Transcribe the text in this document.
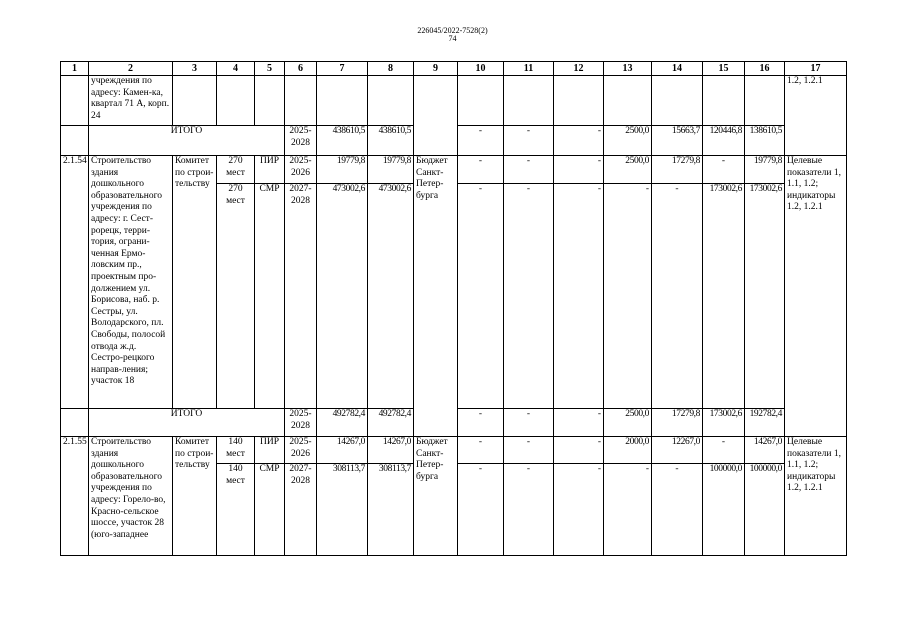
226045/2022-7528(2)
74
1	2	3	4	5	6	7	8	9	10	11	12	13	14	15	16	17
	учреждения по адресу: Камен-ка, квартал 71 А, корп. 24															1.2, 1.2.1
	ИТОГО				2025-2028	438610,5	438610,5		-	-	-	2500,0	15663,7	120446,8	138610,5	
2.1.54	Строительство здания дошкольного образовательного учреждения по адресу: г. Сест-рорецк, терри-тория, ограни-ченная Ермо-ловским пр., проектным про-должением ул. Борисова, наб. р. Сестры, ул. Володарского, пл. Свободы, полосой отвода ж.д. Сестро-рецкого направ-ления; участок 18	Комитет по строи-тельству	270 мест	ПИР	2025-2026	19779,8	19779,8	Бюджет Санкт-Петер-бурга	-	-	-	2500,0	17279,8	-	19779,8	Целевые показатели 1, 1.1, 1.2; индикаторы 1.2, 1.2.1
			270 мест	СМР	2027-2028	473002,6	473002,6		-	-	-	-	-	173002,6	173002,6	
	ИТОГО				2025-2028	492782,4	492782,4		-	-	-	2500,0	17279,8	173002,6	192782,4	
2.1.55	Строительство здания дошкольного образовательного учреждения по адресу: Горело-во, Красно-сельское шоссе, участок 28 (юго-западнее	Комитет по строи-тельству	140 мест	ПИР	2025-2026	14267,0	14267,0	Бюджет Санкт-Петер-бурга	-	-	-	2000,0	12267,0	-	14267,0	Целевые показатели 1, 1.1, 1.2; индикаторы 1.2, 1.2.1
			140 мест	СМР	2027-2028	308113,7	308113,7		-	-	-	-	-	100000,0	100000,0	
